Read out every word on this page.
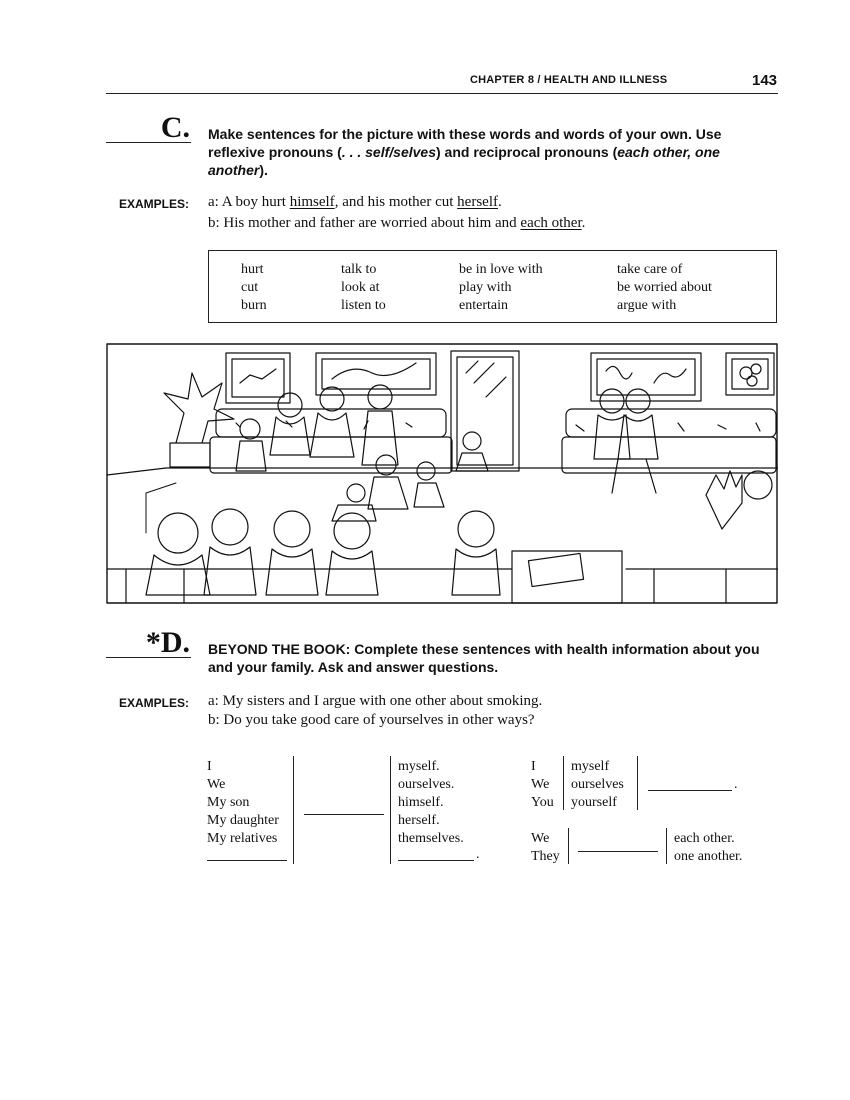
CHAPTER 8 / HEALTH AND ILLNESS	143
C. Make sentences for the picture with these words and words of your own. Use reflexive pronouns (. . . self/selves) and reciprocal pronouns (each other, one another).
EXAMPLES: a: A boy hurt himself, and his mother cut herself.
b: His mother and father are worried about him and each other.
hurt
cut
burn
talk to
look at
listen to
be in love with
play with
entertain
take care of
be worried about
argue with
*D. BEYOND THE BOOK: Complete these sentences with health information about you and your family. Ask and answer questions.
EXAMPLES: a: My sisters and I argue with one other about smoking.
b: Do you take good care of yourselves in other ways?
I
We
My son
My daughter
My relatives
myself.
ourselves.
himself.
herself.
themselves.
.
I
We
You
myself
ourselves
yourself
.
We
They
each other.
one another.
